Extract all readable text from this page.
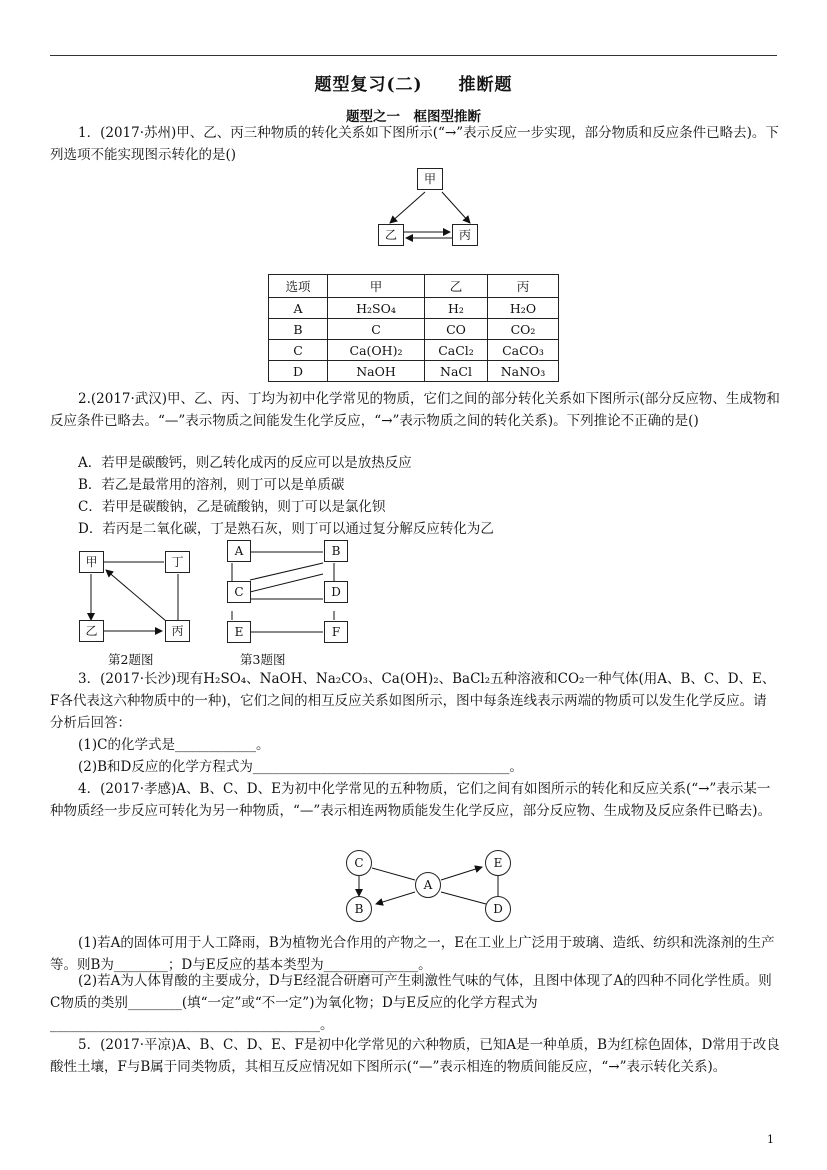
题型复习(二)　　推断题
题型之一　框图型推断
1．(2017·苏州)甲、乙、丙三种物质的转化关系如下图所示(“→”表示反应一步实现，部分物质和反应条件已略去)。下列选项不能实现图示转化的是()
甲
乙	丙
选项	甲	乙	丙
A	H₂SO₄	H₂	H₂O
B	C	CO	CO₂
C	Ca(OH)₂	CaCl₂	CaCO₃
D	NaOH	NaCl	NaNO₃
2.(2017·武汉)甲、乙、丙、丁均为初中化学常见的物质，它们之间的部分转化关系如下图所示(部分反应物、生成物和反应条件已略去。“—”表示物质之间能发生化学反应，“→”表示物质之间的转化关系)。下列推论不正确的是()
A．若甲是碳酸钙，则乙转化成丙的反应可以是放热反应
B．若乙是最常用的溶剂，则丁可以是单质碳
C．若甲是碳酸钠，乙是硫酸钠，则丁可以是氯化钡
D．若丙是二氧化碳，丁是熟石灰，则丁可以通过复分解反应转化为乙
甲	丁
乙	丙
第2题图
A	B
C	D
E	F
第3题图
3．(2017·长沙)现有H₂SO₄、NaOH、Na₂CO₃、Ca(OH)₂、BaCl₂五种溶液和CO₂一种气体(用A、B、C、D、E、F各代表这六种物质中的一种)，它们之间的相互反应关系如图所示，图中每条连线表示两端的物质可以发生化学反应。请分析后回答：
(1)C的化学式是____________。
(2)B和D反应的化学方程式为______________________________________。
4．(2017·孝感)A、B、C、D、E为初中化学常见的五种物质，它们之间有如图所示的转化和反应关系(“→”表示某一种物质经一步反应可转化为另一种物质，“—”表示相连两物质能发生化学反应，部分反应物、生成物及反应条件已略去)。
C
B
A
E
D
(1)若A的固体可用于人工降雨，B为植物光合作用的产物之一，E在工业上广泛用于玻璃、造纸、纺织和洗涤剂的生产等。则B为________；D与E反应的基本类型为______________。
(2)若A为人体胃酸的主要成分，D与E经混合研磨可产生刺激性气味的气体，且图中体现了A的四种不同化学性质。则C物质的类别________(填“一定”或“不一定”)为氧化物；D与E反应的化学方程式为________________________________________。
5．(2017·平凉)A、B、C、D、E、F是初中化学常见的六种物质，已知A是一种单质，B为红棕色固体，D常用于改良酸性土壤，F与B属于同类物质，其相互反应情况如下图所示(“—”表示相连的物质间能反应，“→”表示转化关系)。
1
